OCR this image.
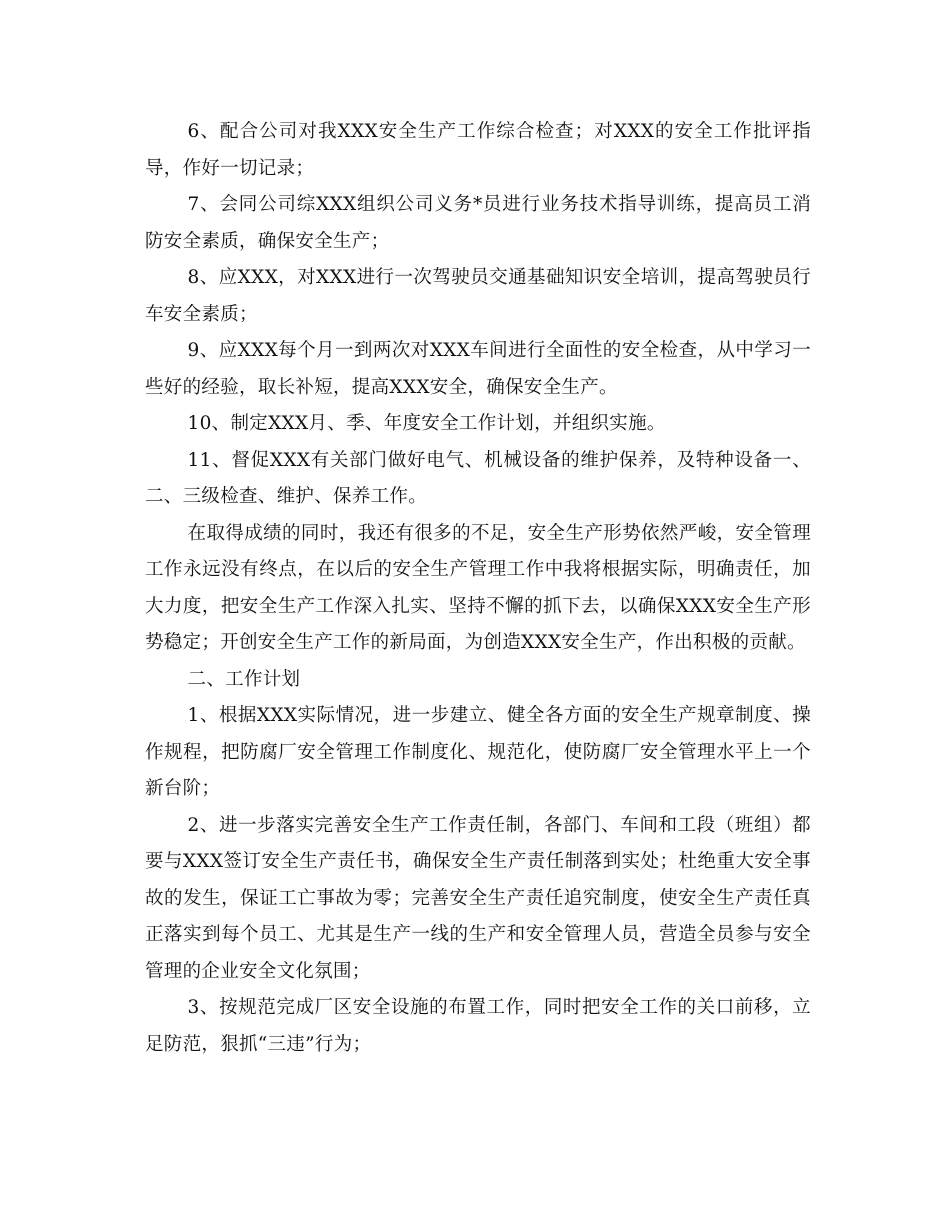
6、配合公司对我XXX安全生产工作综合检查；对XXX的安全工作批评指导，作好一切记录；

7、会同公司综XXX组织公司义务*员进行业务技术指导训练，提高员工消防安全素质，确保安全生产；

8、应XXX，对XXX进行一次驾驶员交通基础知识安全培训，提高驾驶员行车安全素质；

9、应XXX每个月一到两次对XXX车间进行全面性的安全检查，从中学习一些好的经验，取长补短，提高XXX安全，确保安全生产。

10、制定XXX月、季、年度安全工作计划，并组织实施。

11、督促XXX有关部门做好电气、机械设备的维护保养，及特种设备一、二、三级检查、维护、保养工作。

在取得成绩的同时，我还有很多的不足，安全生产形势依然严峻，安全管理工作永远没有终点，在以后的安全生产管理工作中我将根据实际，明确责任，加大力度，把安全生产工作深入扎实、坚持不懈的抓下去，以确保XXX安全生产形势稳定；开创安全生产工作的新局面，为创造XXX安全生产，作出积极的贡献。

二、工作计划

1、根据XXX实际情况，进一步建立、健全各方面的安全生产规章制度、操作规程，把防腐厂安全管理工作制度化、规范化，使防腐厂安全管理水平上一个新台阶；

2、进一步落实完善安全生产工作责任制，各部门、车间和工段（班组）都要与XXX签订安全生产责任书，确保安全生产责任制落到实处；杜绝重大安全事故的发生，保证工亡事故为零；完善安全生产责任追究制度，使安全生产责任真正落实到每个员工、尤其是生产一线的生产和安全管理人员，营造全员参与安全管理的企业安全文化氛围；

3、按规范完成厂区安全设施的布置工作，同时把安全工作的关口前移，立足防范，狠抓“三违”行为；
